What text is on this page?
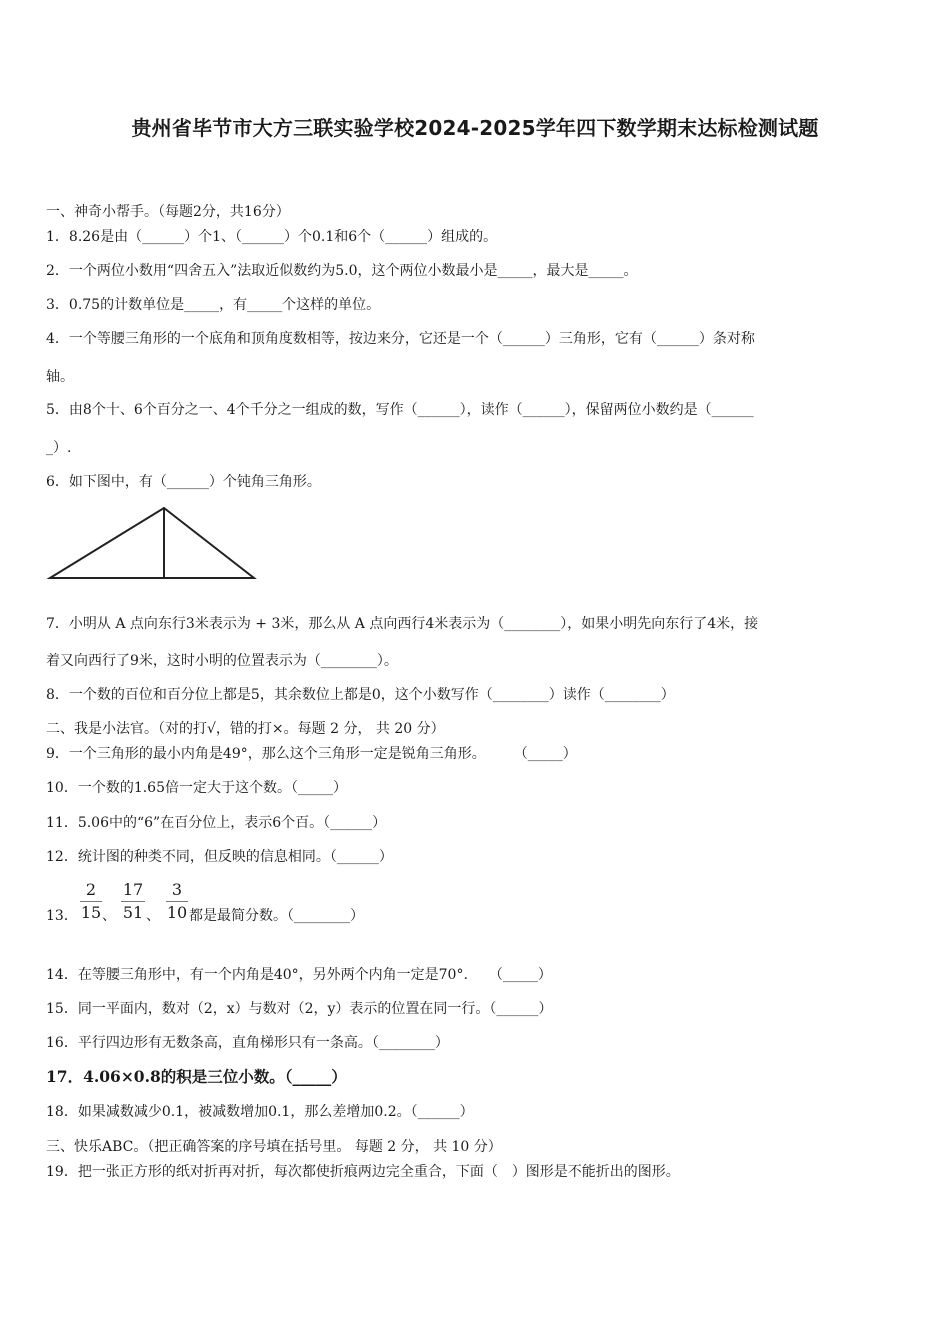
贵州省毕节市大方三联实验学校2024-2025学年四下数学期末达标检测试题
一、神奇小帮手。（每题2分，共16分）
1．8.26是由（______）个1、（______）个0.1和6个（______）组成的。
2．一个两位小数用“四舍五入”法取近似数约为5.0，这个两位小数最小是_____，最大是_____。
3．0.75的计数单位是_____，有_____个这样的单位。
4．一个等腰三角形的一个底角和顶角度数相等，按边来分，它还是一个（______）三角形，它有（______）条对称
轴。
5．由8个十、6个百分之一、4个千分之一组成的数，写作（______），读作（______），保留两位小数约是（______
_）.
6．如下图中，有（______）个钝角三角形。
7．小明从 A 点向东行3米表示为 + 3米，那么从 A 点向西行4米表示为（________），如果小明先向东行了4米，接
着又向西行了9米，这时小明的位置表示为（________）。
8．一个数的百位和百分位上都是5，其余数位上都是0，这个小数写作（________）读作（________）
二、我是小法官。（对的打√，错的打×。每题 2 分， 共 20 分）
9．一个三角形的最小内角是49°，那么这个三角形一定是锐角三角形。　　　（_____）
10．一个数的1.65倍一定大于这个数。（_____）
11．5.06中的“6”在百分位上，表示6个百。（______）
12．统计图的种类不同，但反映的信息相同。（______）
13．
2
15 、
17
51 、
3
10 都是最简分数。（________）
14．在等腰三角形中，有一个内角是40°，另外两个内角一定是70°.　　（_____）
15．同一平面内，数对（2，x）与数对（2，y）表示的位置在同一行。（______）
16．平行四边形有无数条高，直角梯形只有一条高。（________）
17．4.06×0.8的积是三位小数。（_____）
18．如果减数减少0.1，被减数增加0.1，那么差增加0.2。（______）
三、快乐ABC。（把正确答案的序号填在括号里。 每题 2 分， 共 10 分）
19．把一张正方形的纸对折再对折，每次都使折痕两边完全重合，下面（　）图形是不能折出的图形。
